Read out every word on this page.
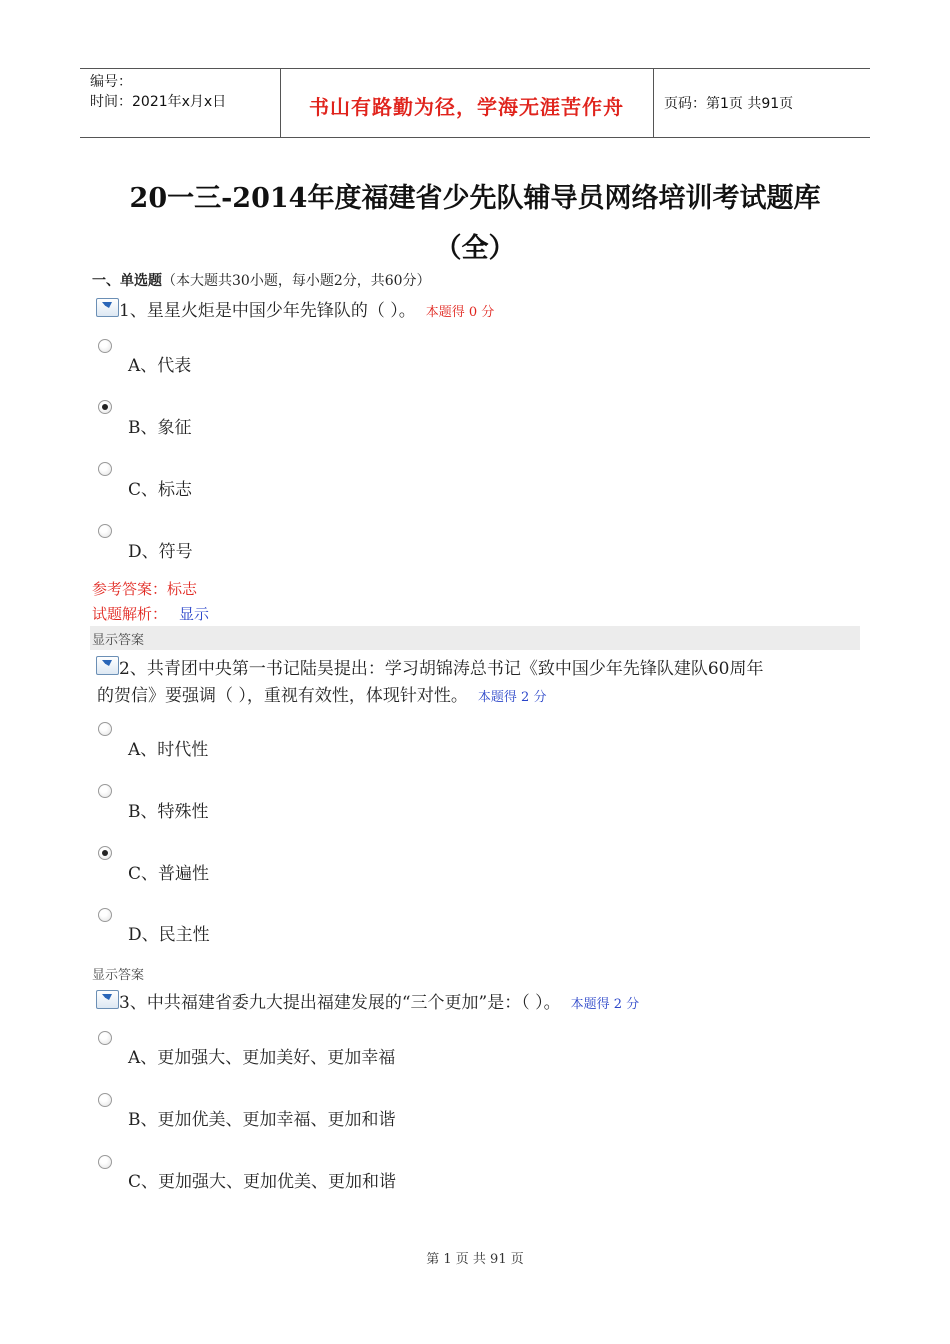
编号：
时间：2021年x月x日	书山有路勤为径，学海无涯苦作舟	页码：第1页 共91页
20一三-2014年度福建省少先队辅导员网络培训考试题库
（全）
一、单选题（本大题共30小题，每小题2分，共60分）
1、星星火炬是中国少年先锋队的（ ）。 本题得 0 分
A、代表
B、象征
C、标志
D、符号
参考答案：标志
试题解析： 显示
显示答案
2、共青团中央第一书记陆昊提出：学习胡锦涛总书记《致中国少年先锋队建队60周年
的贺信》要强调（ ），重视有效性，体现针对性。 本题得 2 分
A、时代性
B、特殊性
C、普遍性
D、民主性
显示答案
3、中共福建省委九大提出福建发展的“三个更加”是：（ ）。 本题得 2 分
A、更加强大、更加美好、更加幸福
B、更加优美、更加幸福、更加和谐
C、更加强大、更加优美、更加和谐
第 1 页 共 91 页
